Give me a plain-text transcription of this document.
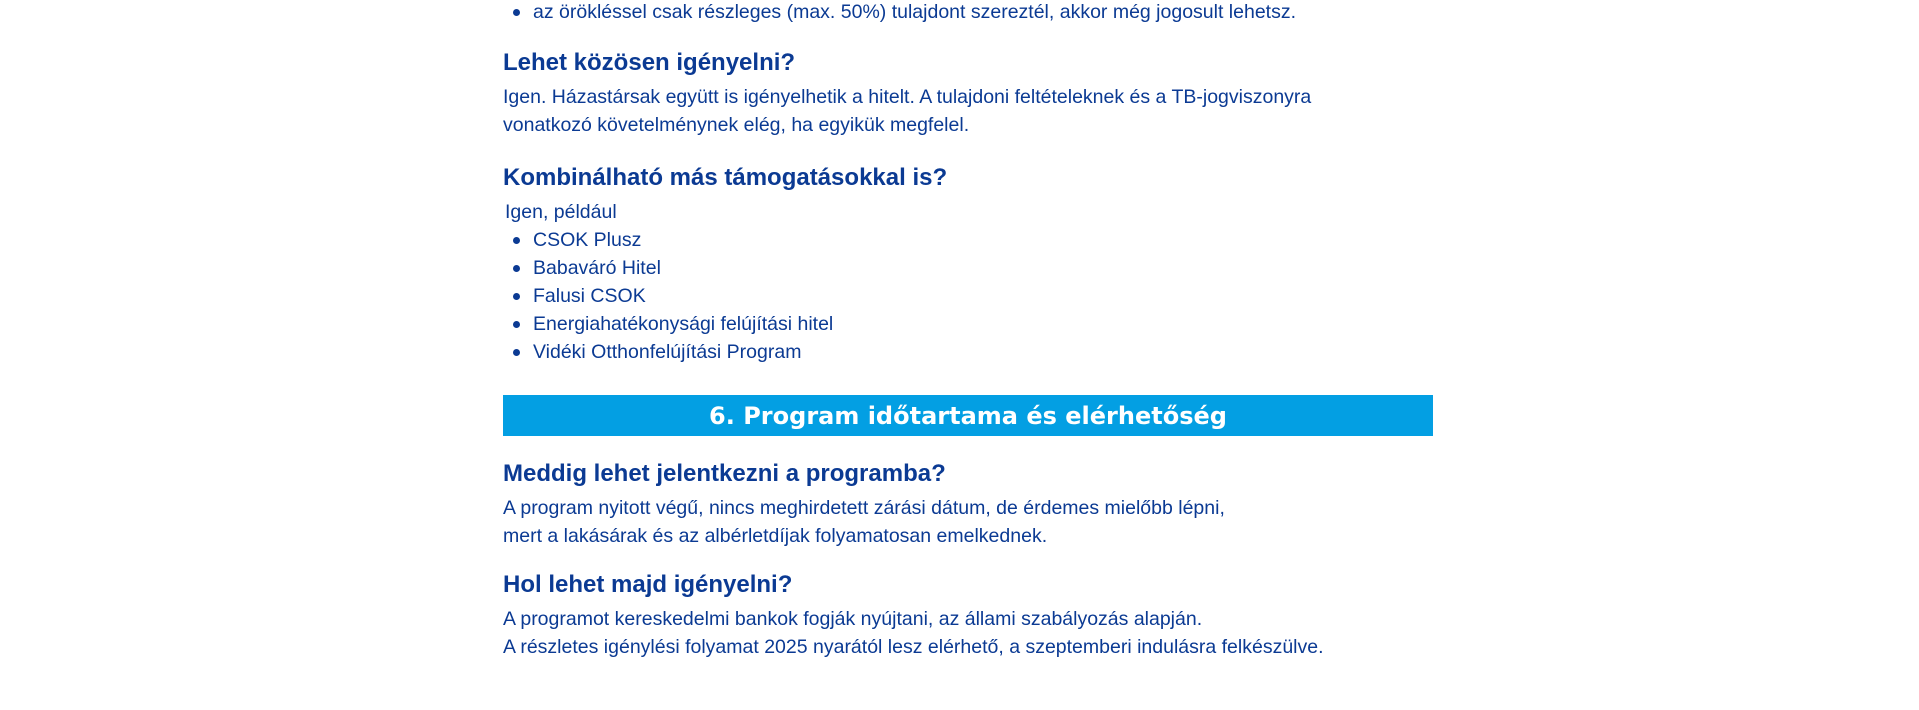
az örökléssel csak részleges (max. 50%) tulajdont szereztél, akkor még jogosult lehetsz.
Lehet közösen igényelni?

Igen. Házastársak együtt is igényelhetik a hitelt. A tulajdoni feltételeknek és a TB-jogviszonyra

vonatkozó követelménynek elég, ha egyikük megfelel.

Kombinálható más támogatásokkal is?

Igen, például

CSOK Plusz
Babaváró Hitel
Falusi CSOK
Energiahatékonysági felújítási hitel
Vidéki Otthonfelújítási Program
6. Program időtartama és elérhetőség
Meddig lehet jelentkezni a programba?

A program nyitott végű, nincs meghirdetett zárási dátum, de érdemes mielőbb lépni,

mert a lakásárak és az albérletdíjak folyamatosan emelkednek.

Hol lehet majd igényelni?

A programot kereskedelmi bankok fogják nyújtani, az állami szabályozás alapján.

A részletes igénylési folyamat 2025 nyarától lesz elérhető, a szeptemberi indulásra felkészülve.
